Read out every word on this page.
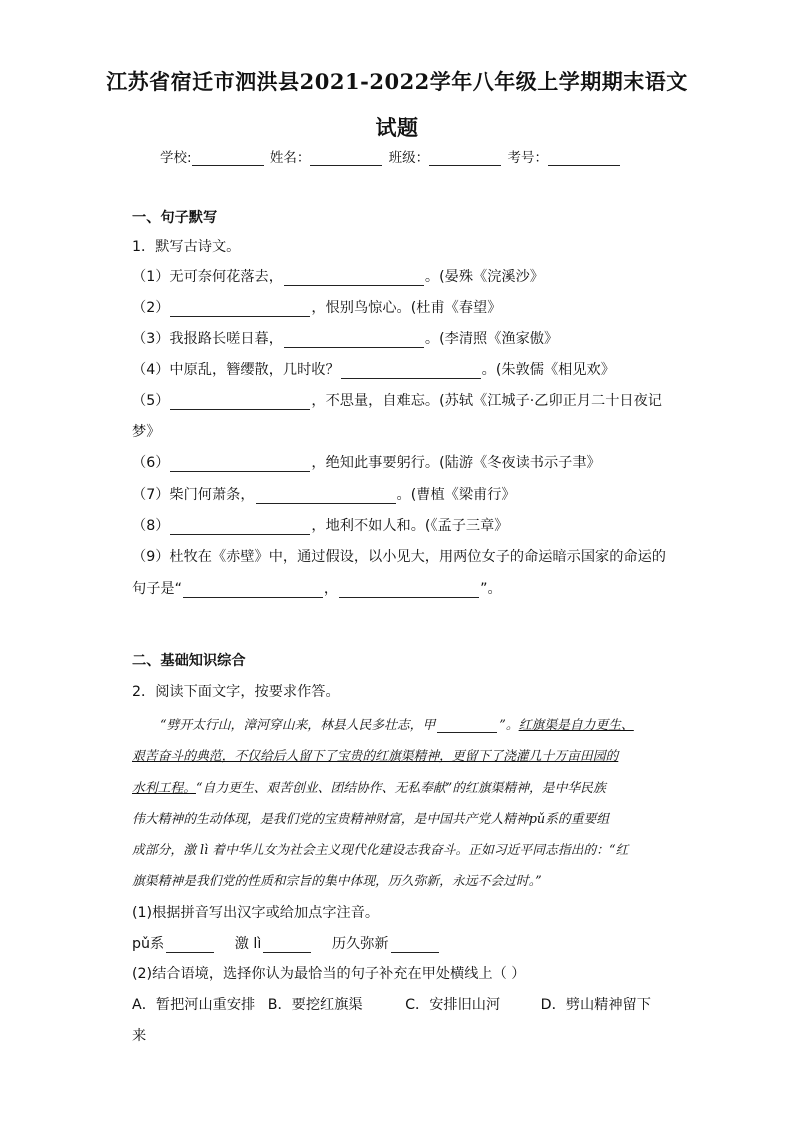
江苏省宿迁市泗洪县2021-2022学年八年级上学期期末语文
试题
学校:	姓名：	班级：	考号：
一、句子默写
1．默写古诗文。
（1）无可奈何花落去，	。(晏殊《浣溪沙》
（2）	，恨别鸟惊心。(杜甫《春望》
（3）我报路长嗟日暮，	。(李清照《渔家傲》
（4）中原乱，簪缨散，几时收？	。(朱敦儒《相见欢》
（5）	，不思量，自难忘。(苏轼《江城子·乙卯正月二十日夜记
梦》
（6）	，绝知此事要躬行。(陆游《冬夜读书示子聿》
（7）柴门何萧条，	。(曹植《梁甫行》
（8）	，地利不如人和。(《孟子三章》
（9）杜牧在《赤壁》中，通过假设，以小见大，用两位女子的命运暗示国家的命运的
句子是“	，	”。
二、基础知识综合
2．阅读下面文字，按要求作答。
“劈开太行山，漳河穿山来，林县人民多壮志，甲	”。红旗渠是自力更生、
艰苦奋斗的典范，不仅给后人留下了宝贵的红旗渠精神，更留下了浇灌几十万亩田园的
水利工程。“自力更生、艰苦创业、团结协作、无私奉献”的红旗渠精神，是中华民族
伟大精神的生动体现，是我们党的宝贵精神财富，是中国共产党人精神pǔ系的重要组
成部分，激 lì 着中华儿女为社会主义现代化建设志我奋斗。正如习近平同志指出的：“红
旗渠精神是我们党的性质和宗旨的集中体现，历久弥新，永远不会过时。”
(1)根据拼音写出汉字或给加点字注音。
pǔ系	激 lì	历久弥新
(2)结合语境，选择你认为最恰当的句子补充在甲处横线上（ ）
A．暂把河山重安排 B．要挖红旗渠	C．安排旧山河	D．劈山精神留下
来
